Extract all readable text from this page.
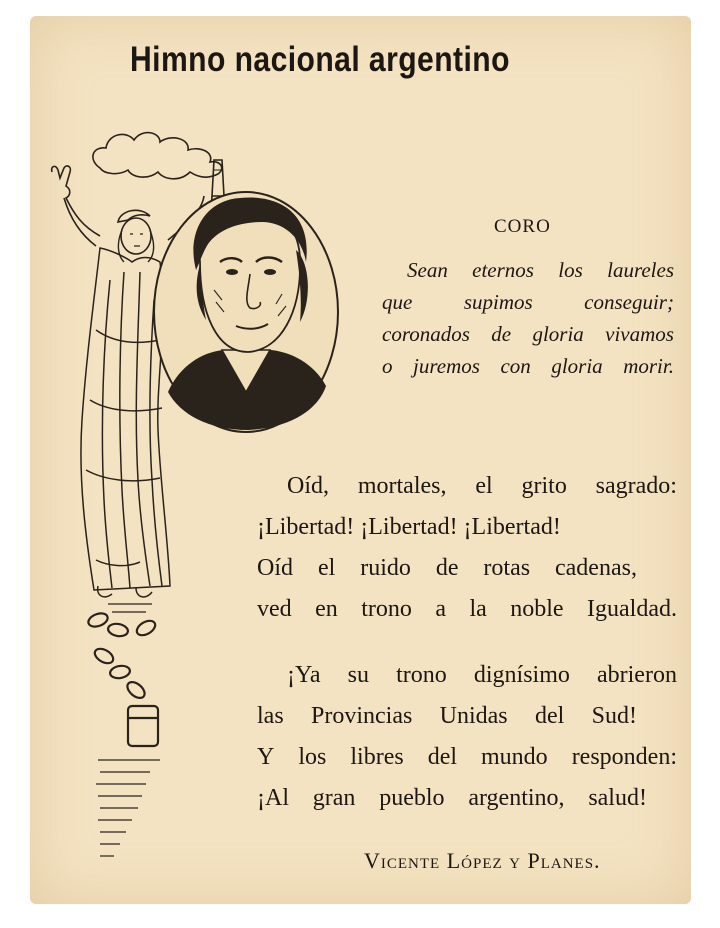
Himno nacional argentino
CORO
Sean eternos los laureles
que supimos conseguir;
coronados de gloria vivamos
o juremos con gloria morir.
Oíd, mortales, el grito sagrado:
¡Libertad! ¡Libertad! ¡Libertad!
Oíd el ruido de rotas cadenas,
ved en trono a la noble Igualdad.
¡Ya su trono dignísimo abrieron
las Provincias Unidas del Sud!
Y los libres del mundo responden:
¡Al gran pueblo argentino, salud!
Vicente López y Planes.
